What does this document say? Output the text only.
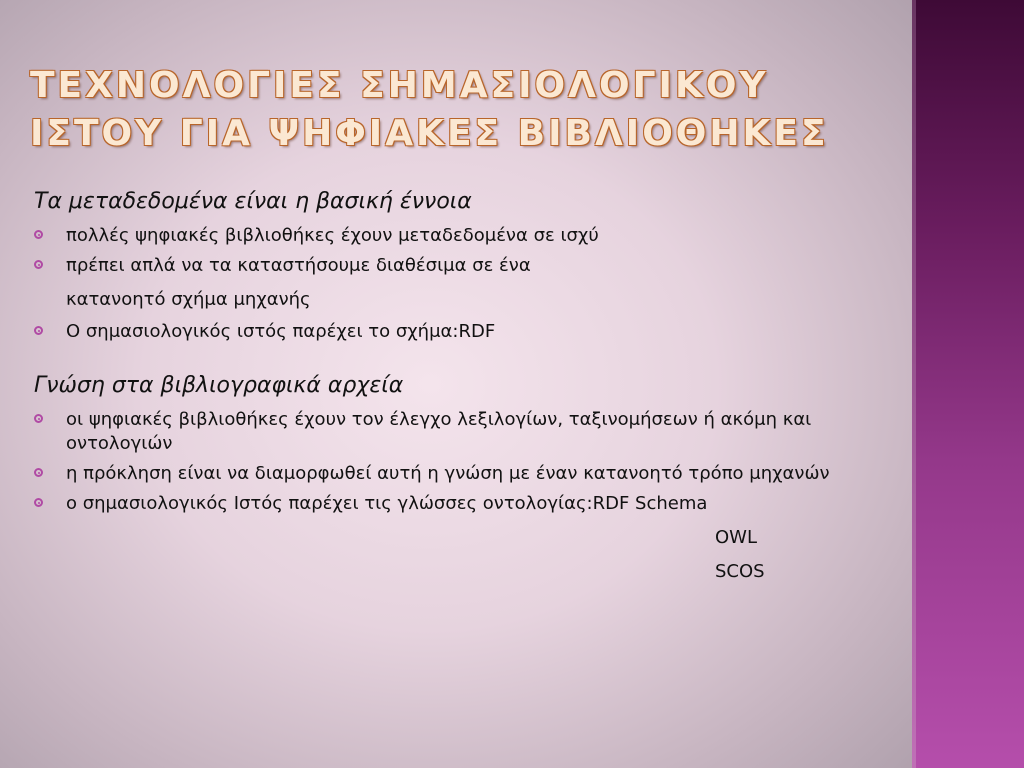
ΤΕΧΝΟΛΟΓΙΕΣ ΣΗΜΑΣΙΟΛΟΓΙΚΟΥ
ΙΣΤΟΥ ΓΙΑ ΨΗΦΙΑΚΕΣ ΒΙΒΛΙΟΘΗΚΕΣ

Τα μεταδεδομένα είναι η βασική έννοια

πολλές ψηφιακές βιβλιοθήκες έχουν μεταδεδομένα σε ισχύ
πρέπει απλά να τα καταστήσουμε διαθέσιμα σε ένα

κατανοητό σχήμα μηχανής

Ο σημασιολογικός ιστός παρέχει το σχήμα:RDF

Γνώση στα βιβλιογραφικά αρχεία

οι ψηφιακές βιβλιοθήκες έχουν τον έλεγχο λεξιλογίων, ταξινομήσεων ή ακόμη και οντολογιών
η πρόκληση είναι να διαμορφωθεί αυτή η γνώση με έναν κατανοητό τρόπο μηχανών
ο σημασιολογικός Ιστός παρέχει τις γλώσσες οντολογίας:RDF Schema

OWL

SCOS
